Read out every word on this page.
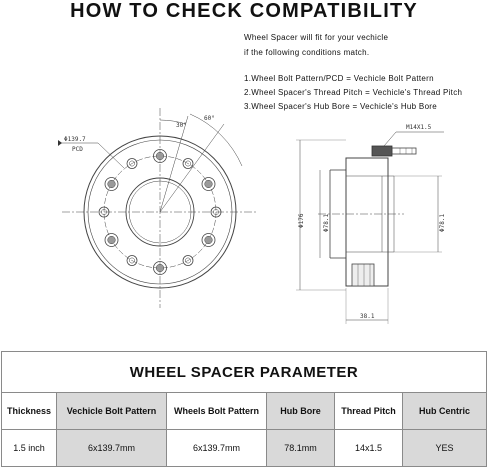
HOW TO CHECK COMPATIBILITY
Wheel Spacer will fit for your vechicle
if the following conditions match.
1.Wheel Bolt Pattern/PCD = Vechicle Bolt Pattern
2.Wheel Spacer's Thread Pitch = Vechicle's Thread Pitch
3.Wheel Spacer's Hub Bore = Vechicle's Hub Bore
Φ139.7
PCD
30°
60°
M14X1.5
Φ176	Φ78.1	Φ78.1
38.1
WHEEL SPACER PARAMETER					
Thickness	Vechicle Bolt Pattern	Wheels Bolt Pattern	Hub Bore	Thread Pitch	Hub Centric
1.5 inch	6x139.7mm	6x139.7mm	78.1mm	14x1.5	YES
